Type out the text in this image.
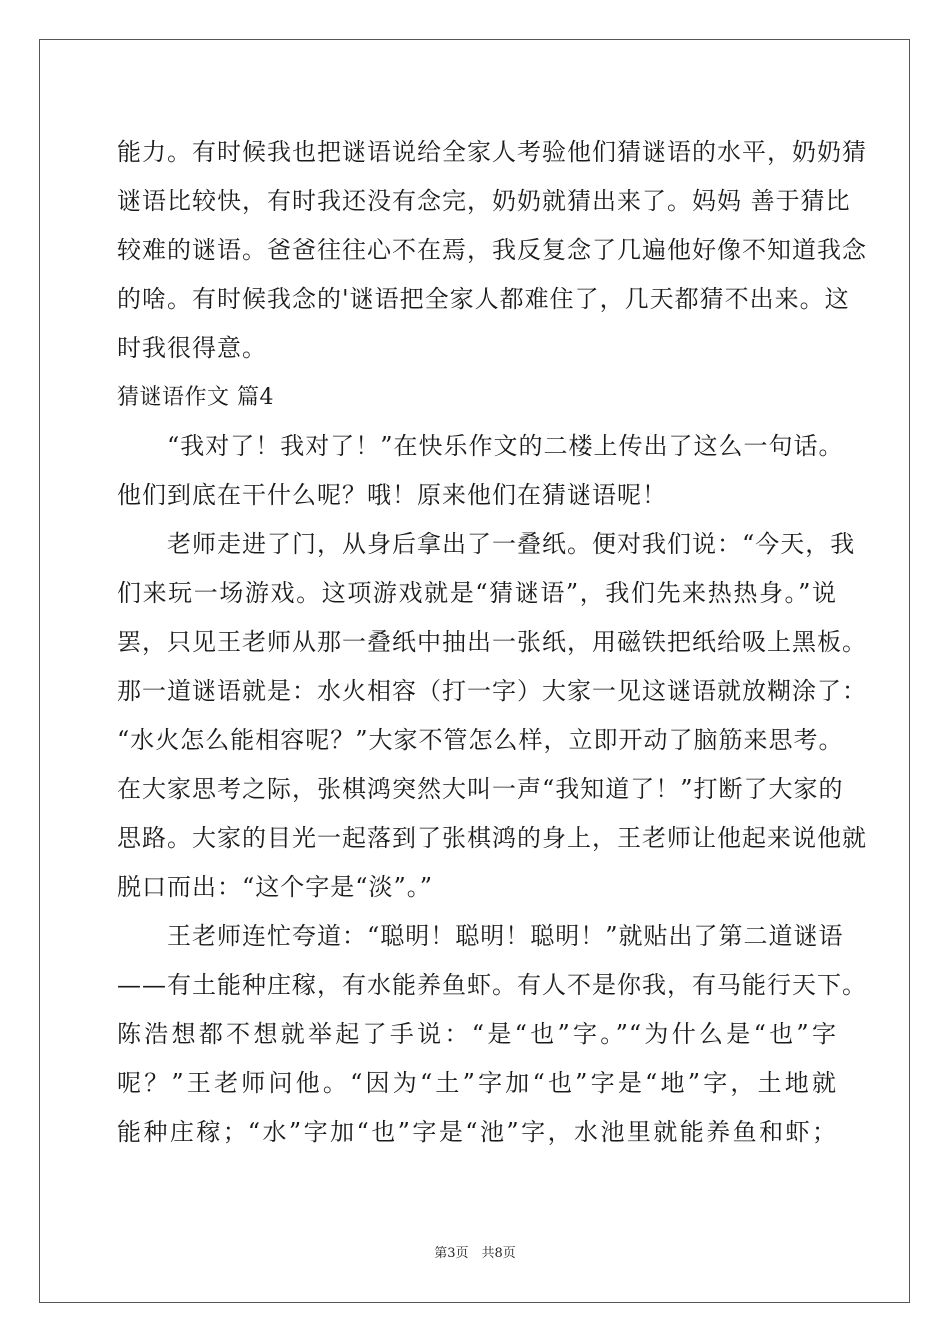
能力。有时候我也把谜语说给全家人考验他们猜谜语的水平，奶奶猜
谜语比较快，有时我还没有念完，奶奶就猜出来了。妈妈 善于猜比
较难的谜语。爸爸往往心不在焉，我反复念了几遍他好像不知道我念
的啥。有时候我念的'谜语把全家人都难住了，几天都猜不出来。这
时我很得意。
猜谜语作文 篇4
　　“我对了！我对了！”在快乐作文的二楼上传出了这么一句话。
他们到底在干什么呢？哦！原来他们在猜谜语呢！
　　老师走进了门，从身后拿出了一叠纸。便对我们说：“今天，我
们来玩一场游戏。这项游戏就是“猜谜语”，我们先来热热身。”说
罢，只见王老师从那一叠纸中抽出一张纸，用磁铁把纸给吸上黑板。
那一道谜语就是：水火相容（打一字）大家一见这谜语就放糊涂了：
“水火怎么能相容呢？”大家不管怎么样，立即开动了脑筋来思考。
在大家思考之际，张棋鸿突然大叫一声“我知道了！”打断了大家的
思路。大家的目光一起落到了张棋鸿的身上，王老师让他起来说他就
脱口而出：“这个字是“淡”。”
　　王老师连忙夸道：“聪明！聪明！聪明！”就贴出了第二道谜语
——有土能种庄稼，有水能养鱼虾。有人不是你我，有马能行天下。
陈浩想都不想就举起了手说：“是“也”字。”“为什么是“也”字
呢？”王老师问他。“因为“土”字加“也”字是“地”字，土地就
能种庄稼；“水”字加“也”字是“池”字，水池里就能养鱼和虾；
第3页　共8页
